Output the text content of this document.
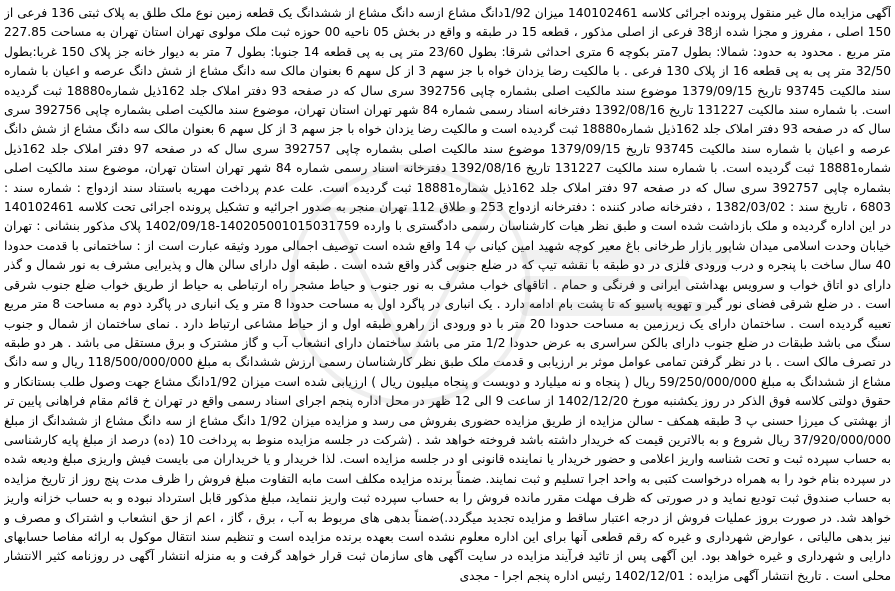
آگهی مزایده مال غیر منقول پرونده اجرائی کلاسه 140102461 میزان 1/92دانگ مشاع ازسه دانگ مشاع از ششدانگ یک قطعه زمین نوع ملک طلق به پلاک ثبتی 136 فرعی از 150 اصلی ، مفروز و مجزا شده از38 فرعی از اصلی مذکور ، قطعه 15 در طبقه و واقع در بخش 05 ناحیه 00 حوزه ثبت ملک مولوی تهران استان تهران به مساحت 227.85 متر مربع . محدود به حدود: شمالا: بطول 7متر بکوچه 6 متری احداثی شرقا: بطول 23/60 متر پی به پی قطعه 14 جنوبا: بطول 7 متر به دیوار خانه جز پلاک 150 غربا:بطول 32/50 متر پی به پی قطعه 16 از پلاک 130 فرعی . با مالکیت رضا یزدان خواه با جز سهم 3 از کل سهم 6 بعنوان مالک سه دانگ مشاع از شش دانگ عرصه و اعیان با شماره سند مالکیت 93745 تاریخ 1379/09/15 موضوع سند مالکیت اصلی بشماره چاپی 392756 سری سال که در صفحه 93 دفتر املاک جلد 162ذیل شماره18880 ثبت گردیده است. با شماره سند مالکیت 131227 تاریخ 1392/08/16 دفترخانه اسناد رسمی شماره 84 شهر تهران استان تهران، موضوع سند مالکیت اصلی بشماره چاپی 392756 سری سال که در صفحه 93 دفتر املاک جلد 162ذیل شماره18880 ثبت گردیده است و مالکیت رضا یزدان خواه با جز سهم 3 از کل سهم 6 بعنوان مالک سه دانگ مشاع از شش دانگ عرصه و اعیان با شماره سند مالکیت 93745 تاریخ 1379/09/15 موضوع سند مالکیت اصلی بشماره چاپی 392757 سری سال که در صفحه 97 دفتر املاک جلد 162ذیل شماره18881 ثبت گردیده است. با شماره سند مالکیت 131227 تاریخ 1392/08/16 دفترخانه اسناد رسمی شماره 84 شهر تهران استان تهران، موضوع سند مالکیت اصلی بشماره چاپی 392757 سری سال که در صفحه 97 دفتر املاک جلد 162ذیل شماره18881 ثبت گردیده است. علت عدم پرداخت مهریه باستناد سند ازدواج : شماره سند : 6803 ، تاریخ سند : 1382/03/02 ، دفترخانه صادر کننده : دفترخانه ازدواج 253 و طلاق 112 تهران منجر به صدور اجرائیه و تشکیل پرونده اجرائی تحت کلاسه 140102461 در این اداره گردیده و ملک بازداشت شده است و طبق نظر هیات کارشناسان رسمی دادگستری با وارده 140205001015031759-1402/09/18 پلاک مذکور بنشانی : تهران خیابان وحدت اسلامی میدان شاپور بازار طرخانی باغ معیر کوچه شهید امین کیانی پ 14 واقع شده است توصیف اجمالی مورد وثیقه عبارت است از : ساختمانی با قدمت حدودا 40 سال ساخت با پنجره و درب ورودی فلزی در دو طبقه با نقشه تیپ که در ضلع جنوبی گذر واقع شده است . طبقه اول دارای سالن هال و پذیرایی مشرف به نور شمال و گذر دارای دو اتاق خواب و سرویس بهداشتی ایرانی و فرنگی و حمام . اتاقهای خواب مشرف به نور جنوب و حیاط مشجر راه ارتباطی به حیاط از طریق خواب ضلع جنوب شرقی است . در ضلع شرقی فضای نور گیر و تهویه پاسیو که تا پشت بام ادامه دارد . یک انباری در پاگرد اول به مساحت حدودا 8 متر و یک انباری در پاگرد دوم به مساحت 8 متر مربع تعبیه گردیده است . ساختمان دارای یک زیرزمین به مساحت حدودا 20 متر با دو ورودی از راهرو طبقه اول و از حیاط مشاعی ارتباط دارد . نمای ساختمان از شمال و جنوب سنگ می باشد طبقات در ضلع جنوب دارای بالکن سراسری به عرض حدودا 1/2 متر می باشد ساختمان دارای انشعاب آب و گاز مشترک و برق مستقل می باشد . هر دو طبقه در تصرف مالک است . با در نظر گرفتن تمامی عوامل موثر بر ارزیابی و قدمت ملک طبق نظر کارشناسان رسمی ارزش ششدانگ به مبلغ 118/500/000/000 ریال و سه دانگ مشاع از ششدانگ به مبلغ 59/250/000/000 ریال ( پنجاه و نه میلیارد و دویست و پنجاه میلیون ریال ) ارزیابی شده است میزان 1/92دانگ مشاع جهت وصول طلب بستانکار و حقوق دولتی کلاسه فوق الذکر در روز یکشنبه مورخ 1402/12/20 از ساعت 9 الی 12 ظهر در محل اداره پنجم اجرای اسناد رسمی واقع در تهران خ قائم مقام فراهانی پایین تر از بهشتی ک میرزا حسنی پ 3 طبقه همکف - سالن مزایده از طریق مزایده حضوری بفروش می رسد و مزایده میزان 1/92 دانگ مشاع از سه دانگ مشاع از ششدانگ از مبلغ 37/920/000/000 ریال شروع و به بالاترین قیمت که خریدار داشته باشد فروخته خواهد شد . (شرکت در جلسه مزایده منوط به پرداخت 10 (ده) درصد از مبلغ پایه کارشناسی به حساب سپرده ثبت و تحت شناسه واریز اعلامی و حضور خریدار یا نماینده قانونی او در جلسه مزایده است. لذا خریدار و یا خریداران می بایست فیش واریزی مبلغ ودیعه شده در سپرده بنام خود را به همراه درخواست کتبی به واحد اجرا تسلیم و ثبت نمایند. ضمناً برنده مزایده مکلف است مابه التفاوت مبلغ فروش را ظرف مدت پنج روز از تاریخ مزایده به حساب صندوق ثبت تودیع نماید و در صورتی که ظرف مهلت مقرر مانده فروش را به حساب سپرده ثبت واریز ننماید، مبلغ مذکور قابل استرداد نبوده و به حساب خزانه واریز خواهد شد. در صورت بروز عملیات فروش از درجه اعتبار ساقط و مزایده تجدید میگردد.)ضمناً بدهی های مربوط به آب ، برق ، گاز ، اعم از حق انشعاب و اشتراک و مصرف و نیز بدهی مالیاتی ، عوارض شهرداری و غیره که رقم قطعی آنها برای این اداره معلوم نشده است بعهده برنده مزایده است و تنظیم سند انتقال موکول به ارائه مفاصا حسابهای دارایی و شهرداری و غیره خواهد بود. این آگهی پس از تائید فرآیند مزایده در سایت آگهی های سازمان ثبت قرار خواهد گرفت و به منزله انتشار آگهی در روزنامه کثیر الانتشار محلی است . تاریخ انتشار آگهی مزایده : 1402/12/01 رئیس اداره پنجم اجرا - مجدی
